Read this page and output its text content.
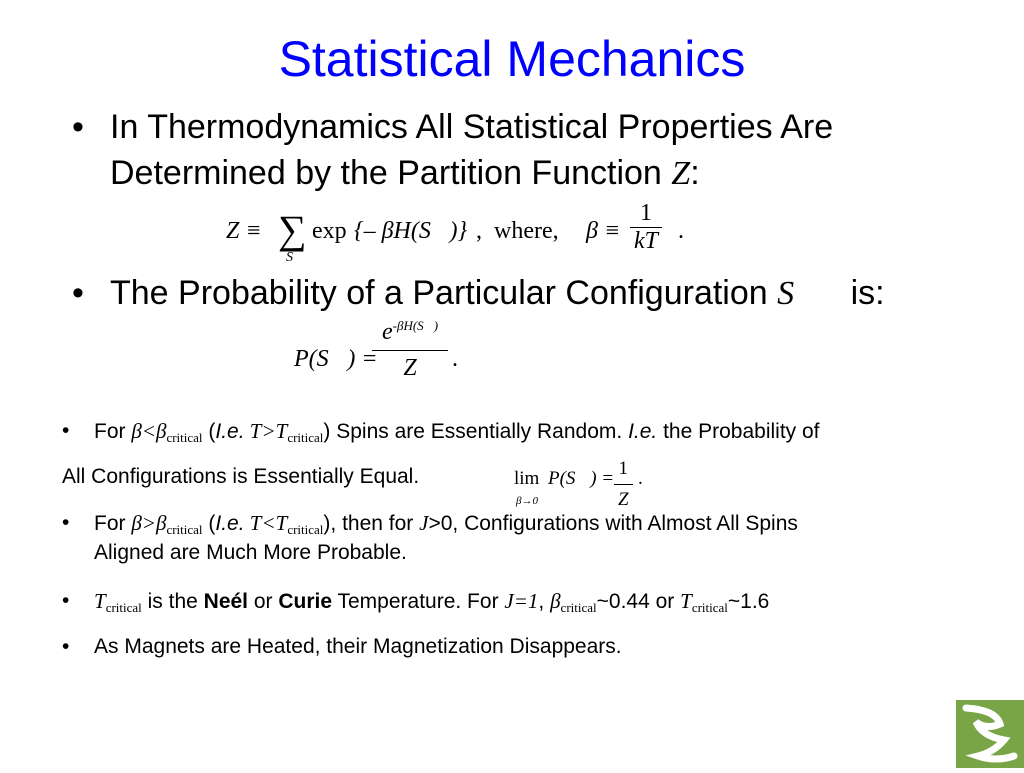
Statistical Mechanics
• In Thermodynamics All Statistical Properties Are
Determined by the Partition Function Z:
Z ≡ ∑
S⃗
exp {– βH(S⃗)} ,  where, $\beta \equiv \frac{1}{kT}$ .
• The Probability of a Particular Configuration S⃗ is:
P(S⃗) =
$\frac{e^{-\beta H(S⃗)}}{Z}$ .
• For $\beta<\beta_{critical}$ (I.e. $T>T_{critical}$) Spins are Essentially Random. I.e. the Probability of
All Configurations is Essentially Equal.	lim
β→0
P(S⃗) = $\frac{1}{Z}$ .
• For $\beta>\beta_{critical}$ (I.e. $T<T_{critical}$), then for J>0, Configurations with Almost All Spins
Aligned are Much More Probable.
• $T_{critical}$ is the Neél or Curie Temperature. For J=1, $\beta_{critical}\sim 0.44$ or $T_{critical}\sim 1.6$
• As Magnets are Heated, their Magnetization Disappears.
